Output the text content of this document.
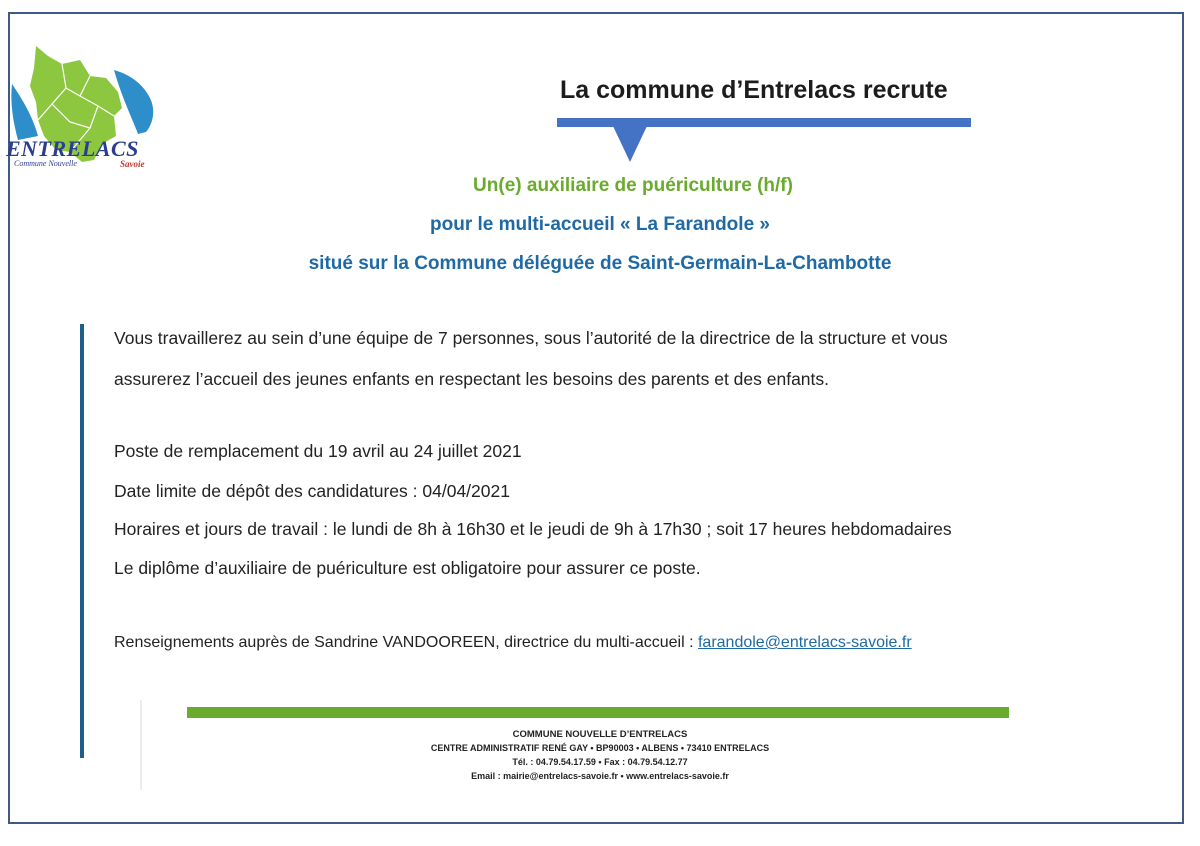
ENTRELACS
Commune Nouvelle	Savoie
La commune d’Entrelacs recrute
Un(e) auxiliaire de puériculture (h/f)
pour le multi-accueil « La Farandole »
situé sur la Commune déléguée de Saint-Germain-La-Chambotte
Vous travaillerez au sein d’une équipe de 7 personnes, sous l’autorité de la directrice de la structure et vous
assurerez l’accueil des jeunes enfants en respectant les besoins des parents et des enfants.
Poste de remplacement du 19 avril au 24 juillet 2021
Date limite de dépôt des candidatures : 04/04/2021
Horaires et jours de travail : le lundi de 8h à 16h30 et le jeudi de 9h à 17h30 ; soit 17 heures hebdomadaires
Le diplôme d’auxiliaire de puériculture est obligatoire pour assurer ce poste.
Renseignements auprès de Sandrine VANDOOREEN, directrice du multi-accueil : farandole@entrelacs-savoie.fr
COMMUNE NOUVELLE D’ENTRELACS
CENTRE ADMINISTRATIF RENÉ GAY • BP90003 • ALBENS • 73410 ENTRELACS
Tél. : 04.79.54.17.59 • Fax : 04.79.54.12.77
Email : mairie@entrelacs-savoie.fr • www.entrelacs-savoie.fr
